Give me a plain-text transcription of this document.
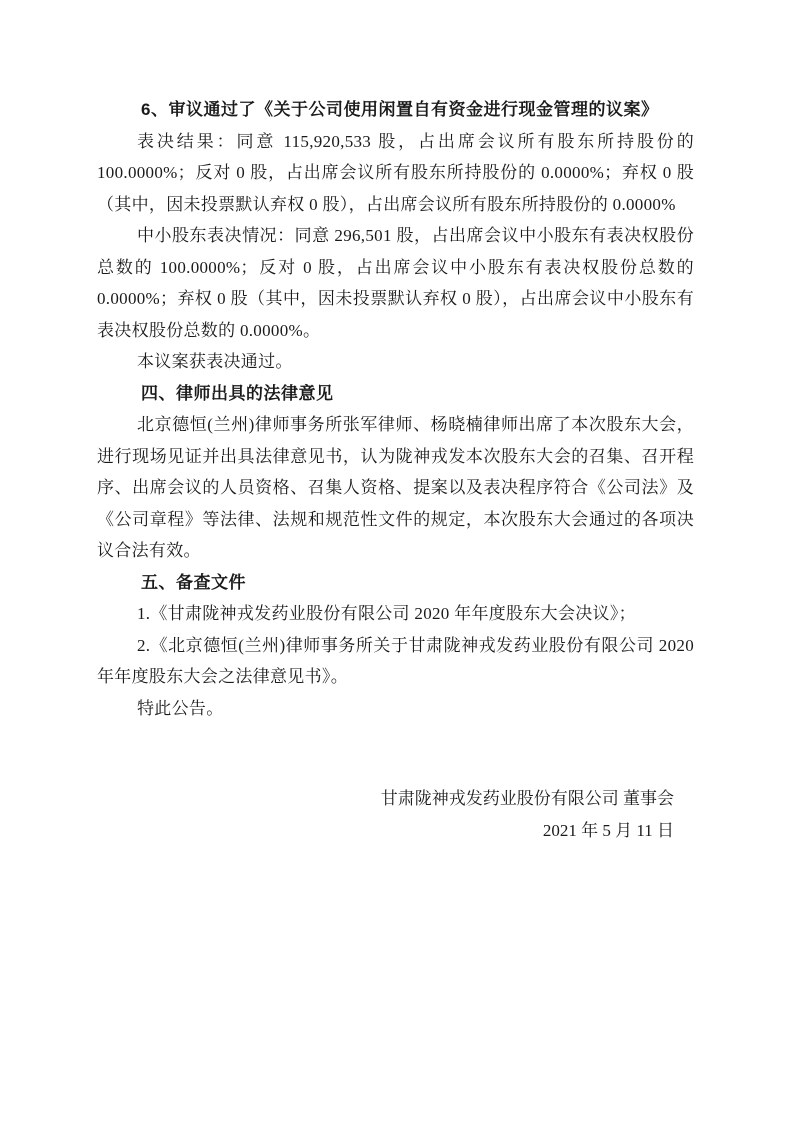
6、审议通过了《关于公司使用闲置自有资金进行现金管理的议案》

表决结果：同意 115,920,533 股，占出席会议所有股东所持股份的 100.0000%；反对 0 股，占出席会议所有股东所持股份的 0.0000%；弃权 0 股（其中，因未投票默认弃权 0 股），占出席会议所有股东所持股份的 0.0000%

中小股东表决情况：同意 296,501 股，占出席会议中小股东有表决权股份总数的 100.0000%；反对 0 股，占出席会议中小股东有表决权股份总数的 0.0000%；弃权 0 股（其中，因未投票默认弃权 0 股），占出席会议中小股东有表决权股份总数的 0.0000%。

本议案获表决通过。

四、律师出具的法律意见

北京德恒(兰州)律师事务所张军律师、杨晓楠律师出席了本次股东大会，进行现场见证并出具法律意见书，认为陇神戎发本次股东大会的召集、召开程序、出席会议的人员资格、召集人资格、提案以及表决程序符合《公司法》及《公司章程》等法律、法规和规范性文件的规定，本次股东大会通过的各项决议合法有效。

五、备查文件

1.《甘肃陇神戎发药业股份有限公司 2020 年年度股东大会决议》；

2.《北京德恒(兰州)律师事务所关于甘肃陇神戎发药业股份有限公司 2020 年年度股东大会之法律意见书》。

特此公告。

甘肃陇神戎发药业股份有限公司 董事会

2021 年 5 月 11 日
